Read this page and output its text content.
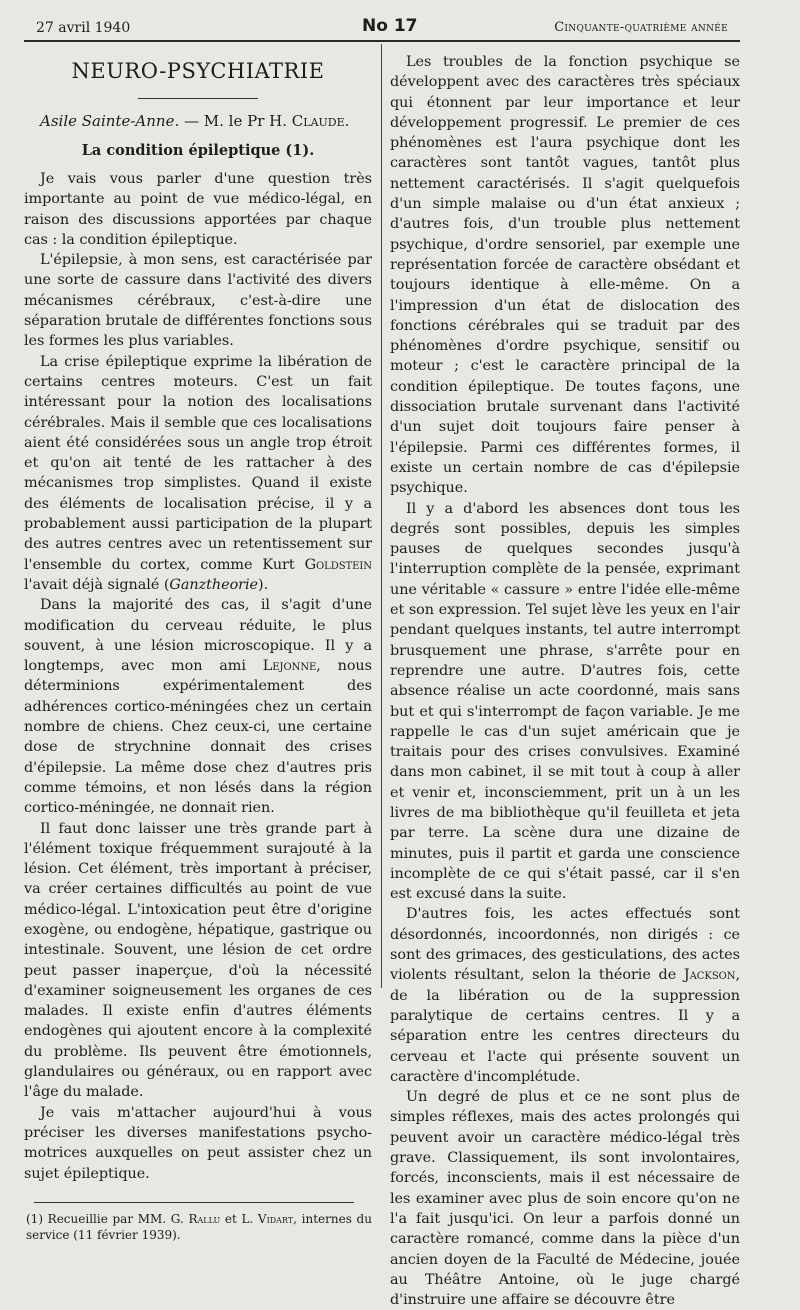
27 avril 1940	No 17	Cinquante-quatrième année
NEURO-PSYCHIATRIE
Asile Sainte-Anne. — M. le Pr H. Claude.
La condition épileptique (1).

Je vais vous parler d'une question très importante au point de vue médico-légal, en raison des discussions apportées par chaque cas : la condition épileptique.

L'épilepsie, à mon sens, est caractérisée par une sorte de cassure dans l'activité des divers mécanismes cérébraux, c'est-à-dire une séparation brutale de différentes fonctions sous les formes les plus variables.

La crise épileptique exprime la libération de certains centres moteurs. C'est un fait intéressant pour la notion des localisations cérébrales. Mais il semble que ces localisations aient été considérées sous un angle trop étroit et qu'on ait tenté de les rattacher à des mécanismes trop simplistes. Quand il existe des éléments de localisation précise, il y a probablement aussi participation de la plupart des autres centres avec un retentissement sur l'ensemble du cortex, comme Kurt Goldstein l'avait déjà signalé (Ganztheorie).

Dans la majorité des cas, il s'agit d'une modification du cerveau réduite, le plus souvent, à une lésion microscopique. Il y a longtemps, avec mon ami Lejonne, nous déterminions expérimentalement des adhérences cortico-méningées chez un certain nombre de chiens. Chez ceux-ci, une certaine dose de strychnine donnait des crises d'épilepsie. La même dose chez d'autres pris comme témoins, et non lésés dans la région cortico-méningée, ne donnait rien.

Il faut donc laisser une très grande part à l'élément toxique fréquemment surajouté à la lésion. Cet élément, très important à préciser, va créer certaines difficultés au point de vue médico-légal. L'intoxication peut être d'origine exogène, ou endogène, hépatique, gastrique ou intestinale. Souvent, une lésion de cet ordre peut passer inaperçue, d'où la nécessité d'examiner soigneusement les organes de ces malades. Il existe enfin d'autres éléments endogènes qui ajoutent encore à la complexité du problème. Ils peuvent être émotionnels, glandulaires ou généraux, ou en rapport avec l'âge du malade.

Je vais m'attacher aujourd'hui à vous préciser les diverses manifestations psycho-motrices auxquelles on peut assister chez un sujet épileptique.

(1) Recueillie par MM. G. Rallu et L. Vidart, internes du service (11 février 1939).

Les troubles de la fonction psychique se développent avec des caractères très spéciaux qui étonnent par leur importance et leur développement progressif. Le premier de ces phénomènes est l'aura psychique dont les caractères sont tantôt vagues, tantôt plus nettement caractérisés. Il s'agit quelquefois d'un simple malaise ou d'un état anxieux ; d'autres fois, d'un trouble plus nettement psychique, d'ordre sensoriel, par exemple une représentation forcée de caractère obsédant et toujours identique à elle-même. On a l'impression d'un état de dislocation des fonctions cérébrales qui se traduit par des phénomènes d'ordre psychique, sensitif ou moteur ; c'est le caractère principal de la condition épileptique. De toutes façons, une dissociation brutale survenant dans l'activité d'un sujet doit toujours faire penser à l'épilepsie. Parmi ces différentes formes, il existe un certain nombre de cas d'épilepsie psychique.

Il y a d'abord les absences dont tous les degrés sont possibles, depuis les simples pauses de quelques secondes jusqu'à l'interruption complète de la pensée, exprimant une véritable « cassure » entre l'idée elle-même et son expression. Tel sujet lève les yeux en l'air pendant quelques instants, tel autre interrompt brusquement une phrase, s'arrête pour en reprendre une autre. D'autres fois, cette absence réalise un acte coordonné, mais sans but et qui s'interrompt de façon variable. Je me rappelle le cas d'un sujet américain que je traitais pour des crises convulsives. Examiné dans mon cabinet, il se mit tout à coup à aller et venir et, inconsciemment, prit un à un les livres de ma bibliothèque qu'il feuilleta et jeta par terre. La scène dura une dizaine de minutes, puis il partit et garda une conscience incomplète de ce qui s'était passé, car il s'en est excusé dans la suite.

D'autres fois, les actes effectués sont désordonnés, incoordonnés, non dirigés : ce sont des grimaces, des gesticulations, des actes violents résultant, selon la théorie de Jackson, de la libération ou de la suppression paralytique de certains centres. Il y a séparation entre les centres directeurs du cerveau et l'acte qui présente souvent un caractère d'incomplétude.

Un degré de plus et ce ne sont plus de simples réflexes, mais des actes prolongés qui peuvent avoir un caractère médico-légal très grave. Classiquement, ils sont involontaires, forcés, inconscients, mais il est nécessaire de les examiner avec plus de soin encore qu'on ne l'a fait jusqu'ici. On leur a parfois donné un caractère romancé, comme dans la pièce d'un ancien doyen de la Faculté de Médecine, jouée au Théâtre Antoine, où le juge chargé d'instruire une affaire se découvre être
